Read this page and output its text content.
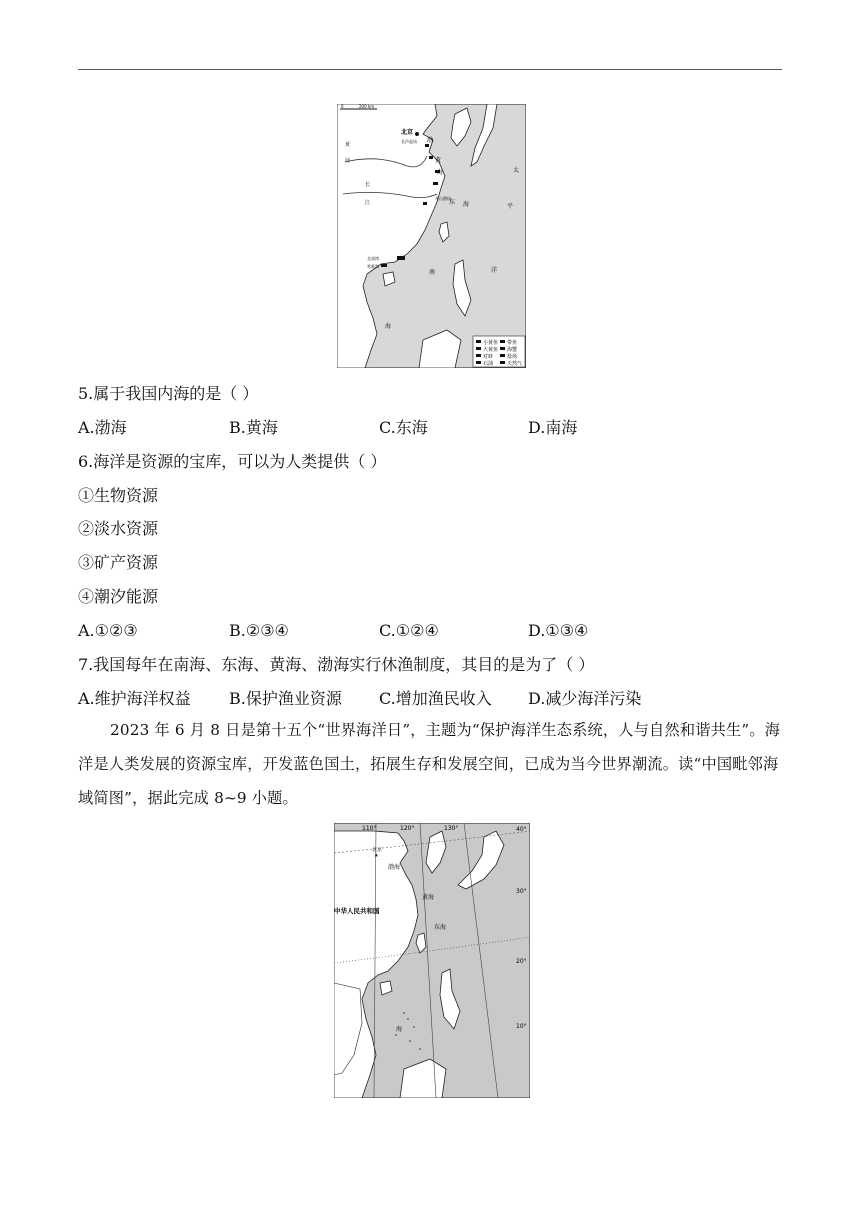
0	200 km
北京
长芦盐场 渤
黄
海
东 海
太
平
洋
南
海
长
江
黄
河
舟山渔场
北部湾
莺歌海
小黄鱼
大黄鱼
对虾
石油
带鱼
海蟹
盐场
天然气
5.属于我国内海的是（ ）
A.渤海	B.黄海	C.东海	D.南海
6.海洋是资源的宝库，可以为人类提供（ ）
①生物资源
②淡水资源
③矿产资源
④潮汐能源
A.①②③	B.②③④	C.①②④	D.①③④
7.我国每年在南海、东海、黄海、渤海实行休渔制度，其目的是为了（ ）
A.维护海洋权益 B.保护渔业资源 C.增加渔民收入 D.减少海洋污染
2023 年 6 月 8 日是第十五个“世界海洋日”，主题为“保护海洋生态系统，人与自然和谐共生”。海洋是人类发展的资源宝库，开发蓝色国土，拓展生存和发展空间，已成为当今世界潮流。读“中国毗邻海域简图”，据此完成 8~9 小题。
110°	120°	130°	40°
30°
20°
10°
★
北京
中华人民共和国
渤海
黄海
东海
海
